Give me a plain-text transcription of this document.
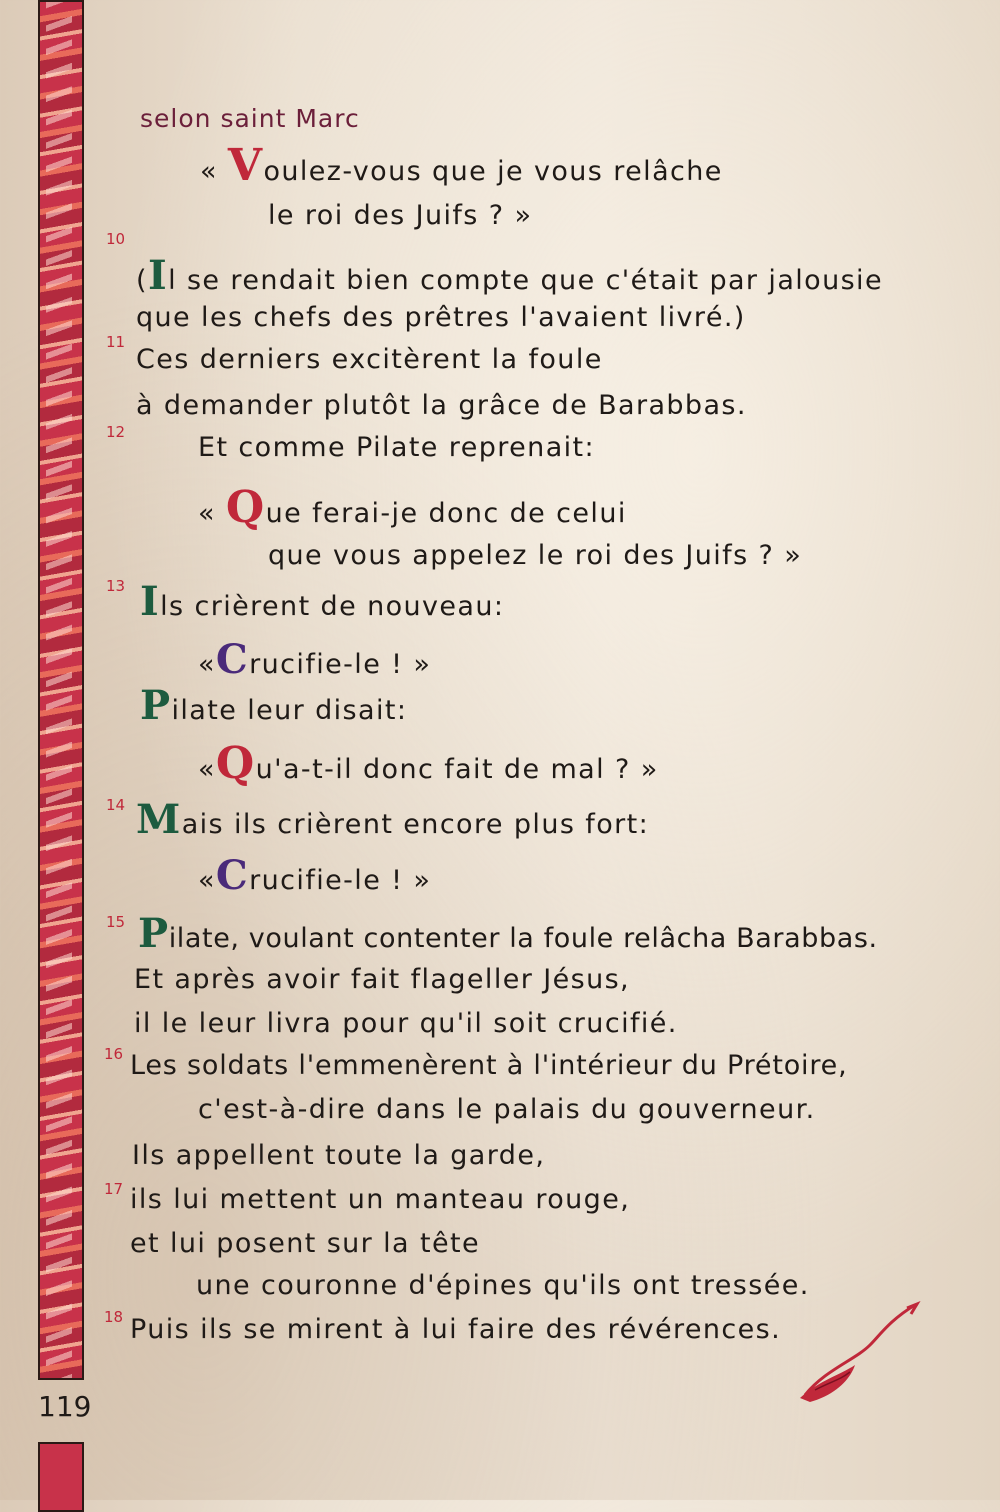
119
selon saint Marc
10
11
12
13
14
15
16
17
18
« Voulez-vous que je vous relâche
le roi des Juifs ? »
(Il se rendait bien compte que c'était par jalousie
que les chefs des prêtres l'avaient livré.)
Ces derniers excitèrent la foule
à demander plutôt la grâce de Barabbas.
Et comme Pilate reprenait:
« Que ferai-je donc de celui
que vous appelez le roi des Juifs ? »
Ils crièrent de nouveau:
«Crucifie-le ! »
Pilate leur disait:
«Qu'a-t-il donc fait de mal ? »
Mais ils crièrent encore plus fort:
«Crucifie-le ! »
Pilate, voulant contenter la foule relâcha Barabbas.
Et après avoir fait flageller Jésus,
il le leur livra pour qu'il soit crucifié.
Les soldats l'emmenèrent à l'intérieur du Prétoire,
c'est-à-dire dans le palais du gouverneur.
Ils appellent toute la garde,
ils lui mettent un manteau rouge,
et lui posent sur la tête
une couronne d'épines qu'ils ont tressée.
Puis ils se mirent à lui faire des révérences.
